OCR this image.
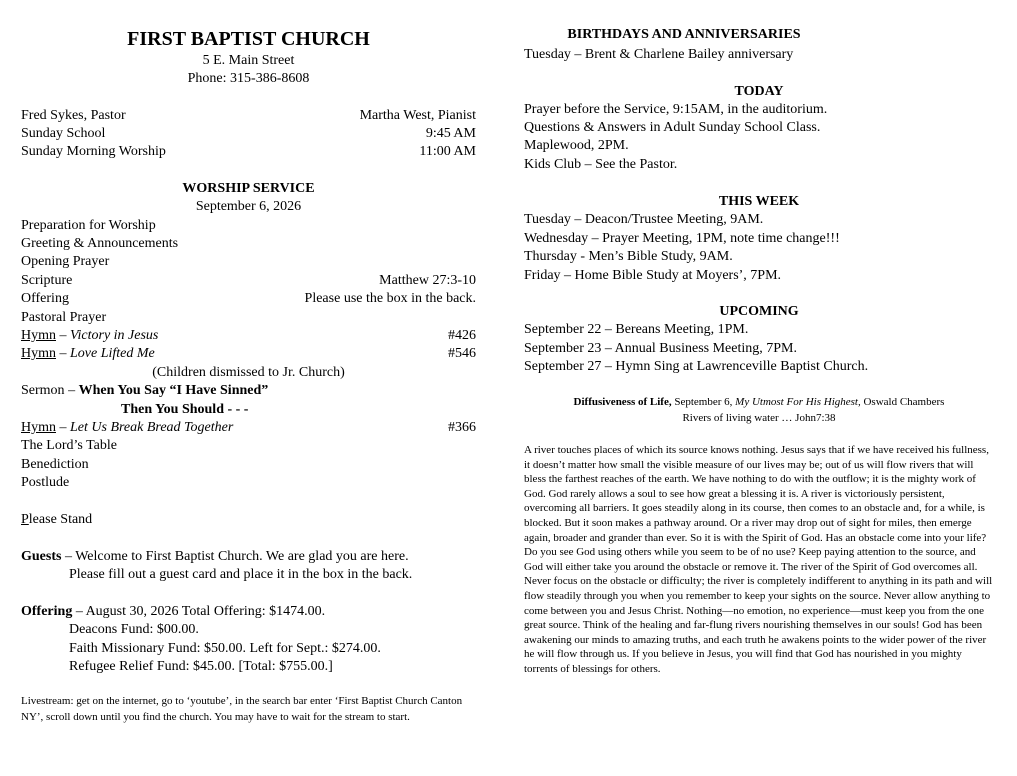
FIRST BAPTIST CHURCH
5 E. Main Street
Phone: 315-386-8608
Fred Sykes, Pastor	Martha West, Pianist
Sunday School	9:45 AM
Sunday Morning Worship	11:00 AM
WORSHIP SERVICE
September 6, 2026
Preparation for Worship
Greeting & Announcements
Opening Prayer
Scripture	Matthew 27:3-10
Offering	Please use the box in the back.
Pastoral Prayer
Hymn – Victory in Jesus	#426
Hymn – Love Lifted Me	#546
(Children dismissed to Jr. Church)
Sermon – When You Say “I Have Sinned”
Then You Should - - -
Hymn – Let Us Break Bread Together	#366
The Lord’s Table
Benediction
Postlude
Please Stand
Guests – Welcome to First Baptist Church. We are glad you are here.
Please fill out a guest card and place it in the box in the back.
Offering – August 30, 2026 Total Offering: $1474.00.
Deacons Fund: $00.00.
Faith Missionary Fund: $50.00. Left for Sept.: $274.00.
Refugee Relief Fund: $45.00. [Total: $755.00.]
Livestream: get on the internet, go to ‘youtube’, in the search bar enter ‘First Baptist Church Canton NY’, scroll down until you find the church. You may have to wait for the stream to start.
BIRTHDAYS AND ANNIVERSARIES
Tuesday – Brent & Charlene Bailey anniversary
TODAY
Prayer before the Service, 9:15AM, in the auditorium.
Questions & Answers in Adult Sunday School Class.
Maplewood, 2PM.
Kids Club – See the Pastor.
THIS WEEK
Tuesday – Deacon/Trustee Meeting, 9AM.
Wednesday – Prayer Meeting, 1PM, note time change!!!
Thursday - Men’s Bible Study, 9AM.
Friday – Home Bible Study at Moyers’, 7PM.
UPCOMING
September 22 – Bereans Meeting, 1PM.
September 23 – Annual Business Meeting, 7PM.
September 27 – Hymn Sing at Lawrenceville Baptist Church.
Diffusiveness of Life, September 6, My Utmost For His Highest, Oswald Chambers
Rivers of living water … John7:38
A river touches places of which its source knows nothing. Jesus says that if we have received his fullness, it doesn’t matter how small the visible measure of our lives may be; out of us will flow rivers that will bless the farthest reaches of the earth. We have nothing to do with the outflow; it is the mighty work of God. God rarely allows a soul to see how great a blessing it is. A river is victoriously persistent, overcoming all barriers. It goes steadily along in its course, then comes to an obstacle and, for a while, is blocked. But it soon makes a pathway around. Or a river may drop out of sight for miles, then emerge again, broader and grander than ever. So it is with the Spirit of God. Has an obstacle come into your life? Do you see God using others while you seem to be of no use? Keep paying attention to the source, and God will either take you around the obstacle or remove it. The river of the Spirit of God overcomes all. Never focus on the obstacle or difficulty; the river is completely indifferent to anything in its path and will flow steadily through you when you remember to keep your sights on the source. Never allow anything to come between you and Jesus Christ. Nothing—no emotion, no experience—must keep you from the one great source. Think of the healing and far-flung rivers nourishing themselves in our souls! God has been awakening our minds to amazing truths, and each truth he awakens points to the wider power of the river he will flow through us. If you believe in Jesus, you will find that God has nourished in you mighty torrents of blessings for others.
